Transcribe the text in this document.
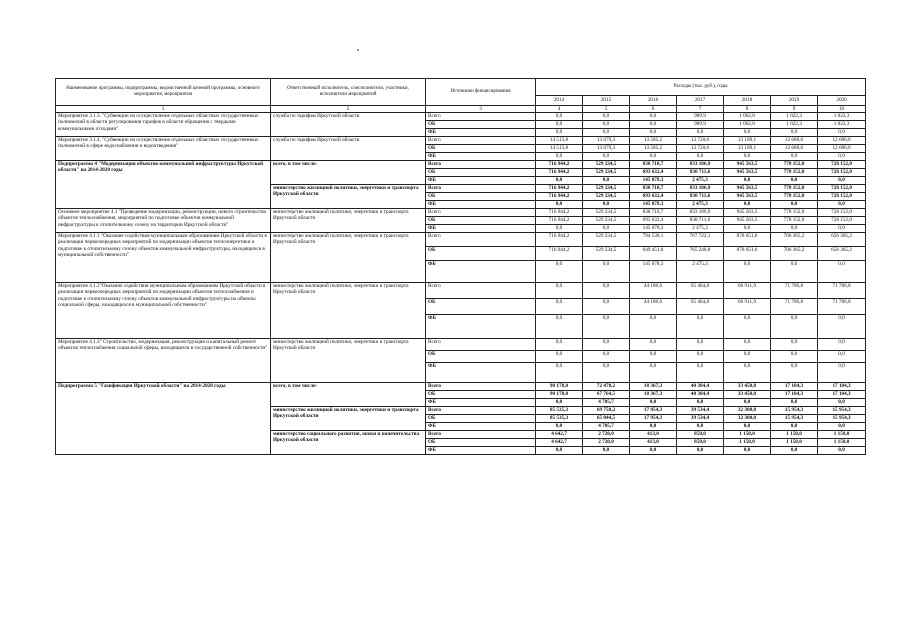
Наименование программы, подпрограммы, ведомственной целевой программы, основного мероприятия, мероприятия	Ответственный исполнитель, соисполнители, участники, исполнители мероприятий	Источники финансирования	Расходы (тыс. руб.), годы						
			2014	2015	2016	2017	2018	2019	2020
1	2	3	4	5	6	7	8	9	10
Мероприятие 3.1.3. "Субвенции на осуществление отдельных областных государственных полномочий в области регулирования тарифов в области обращения с твердыми коммунальными отходами"	служба по тарифам Иркутской области	Всего	0,0	0,0	0,0	989,9	1 062,8	1 022,3	1 022,3
		ОБ	0,0	0,0	0,0	989,9	1 062,8	1 022,3	1 022,3
		ФБ	0,0	0,0	0,0	0,0	0,0	0,0	0,0
Мероприятие 3.1.4. "Субвенции на осуществление отдельных областных государственных полномочий в сфере водоснабжения и водоотведения"	служба по тарифам Иркутской области	Всего	14 513,8	13 679,3	13 585,2	13 720,6	13 189,1	12 680,0	12 680,0
		ОБ	14 513,8	13 679,3	13 585,2	13 720,6	13 189,1	12 680,0	12 680,0
		ФБ	0,0	0,0	0,0	0,0	0,0	0,0	0,0
Подпрограмма 4 "Модернизация объектов коммунальной инфраструктуры Иркутской области" на 2014-2020 годы	всего, в том числе:	Всего	716 944,2	529 234,5	838 710,7	833 186,9	945 563,5	778 152,0	728 152,0
		ОБ	716 944,2	529 234,5	693 632,4	830 711,6	945 563,5	778 152,0	728 152,0
		ФБ	0,0	0,0	145 078,3	2 475,3	0,0	0,0	0,0
	министерство жилищной политики, энергетики и транспорта Иркутской области	Всего	716 944,2	529 234,5	838 710,7	833 186,9	945 563,5	778 152,0	728 152,0
		ОБ	716 944,2	529 234,5	693 632,4	830 711,6	945 563,5	778 152,0	728 152,0
		ФБ	0,0	0,0	145 078,3	2 475,3	0,0	0,0	0,0
Основное мероприятие 4.1 "Проведение модернизации, реконструкции, нового строительства объектов теплоснабжения, мероприятий по подготовке объектов коммунальной инфраструктуры к отопительному сезону на территории Иркутской области"	министерство жилищной политики, энергетики и транспорта Иркутской области	Всего	716 944,2	529 234,5	838 710,7	833 186,9	945 563,5	778 152,0	728 152,0
		ОБ	716 944,2	529 234,5	693 632,4	830 711,6	945 563,5	778 152,0	728 152,0
		ФБ	0,0	0,0	145 078,3	2 475,3	0,0	0,0	0,0
Мероприятие 4.1.1 "Оказание содействия муниципальным образованиям Иркутской области в реализации первоочередных мероприятий по модернизации объектов теплоэнергетики и подготовке к отопительному сезону объектов коммунальной инфраструктуры, находящихся в муниципальной собственности"	министерство жилищной политики, энергетики и транспорта Иркутской области	Всего	716 944,2	529 234,5	794 530,1	767 722,1	878 651,6	706 365,2	656 365,2
		ОБ	716 944,2	529 234,5	649 451,8	765 246,8	878 651,6	706 365,2	656 365,2
		ФБ	0,0	0,0	145 078,3	2 475,3	0,0	0,0	0,0
Мероприятие 4.1.2"Оказание содействия муниципальным образованиям Иркутской области в реализации первоочередных мероприятий по модернизации объектов теплоснабжения и подготовке к отопительному сезону объектов коммунальной инфраструктуры на объекты социальной сферы, находящихся в муниципальной собственности"	министерство жилищной политики, энергетики и транспорта Иркутской области	Всего	0,0	0,0	44 180,6	65 464,8	66 911,9	71 786,8	71 786,8
		ОБ	0,0	0,0	44 180,6	65 464,8	66 911,9	71 786,8	71 786,8
		ФБ	0,0	0,0	0,0	0,0	0,0	0,0	0,0
Мероприятие 4.1.3" Строительство, модернизация, реконструкция и капитальный ремонт объектов теплоснабжения социальной сферы, находящихся в государственной собственности"	министерство жилищной политики, энергетики и транспорта Иркутской области	Всего	0,0	0,0	0,0	0,0	0,0	0,0	0,0
		ОБ	0,0	0,0	0,0	0,0	0,0	0,0	0,0
		ФБ	0,0	0,0	0,0	0,0	0,0	0,0	0,0
Подпрограмма 5 "Газификация Иркутской области" на 2014-2020 годы	всего, в том числе:	Всего	90 178,0	72 470,2	18 367,3	40 384,4	33 450,0	17 104,3	17 104,3
		ОБ	90 178,0	67 764,5	18 367,3	40 384,4	33 450,0	17 104,3	17 104,3
		ФБ	0,0	4 705,7	0,0	0,0	0,0	0,0	0,0
	министерство жилищной политики, энергетики и транспорта Иркутской области	Всего	85 535,3	69 750,2	17 954,3	39 534,4	32 300,0	15 954,3	15 954,3
		ОБ	85 535,3	65 044,5	17 954,3	39 534,4	32 300,0	15 954,3	15 954,3
		ФБ	0,0	4 705,7	0,0	0,0	0,0	0,0	0,0
	министерство социального развития, опеки и попечительства Иркутской области	Всего	4 642,7	2 720,0	413,0	850,0	1 150,0	1 150,0	1 150,0
		ОБ	4 642,7	2 720,0	413,0	850,0	1 150,0	1 150,0	1 150,0
		ФБ	0,0	0,0	0,0	0,0	0,0	0,0	0,0
